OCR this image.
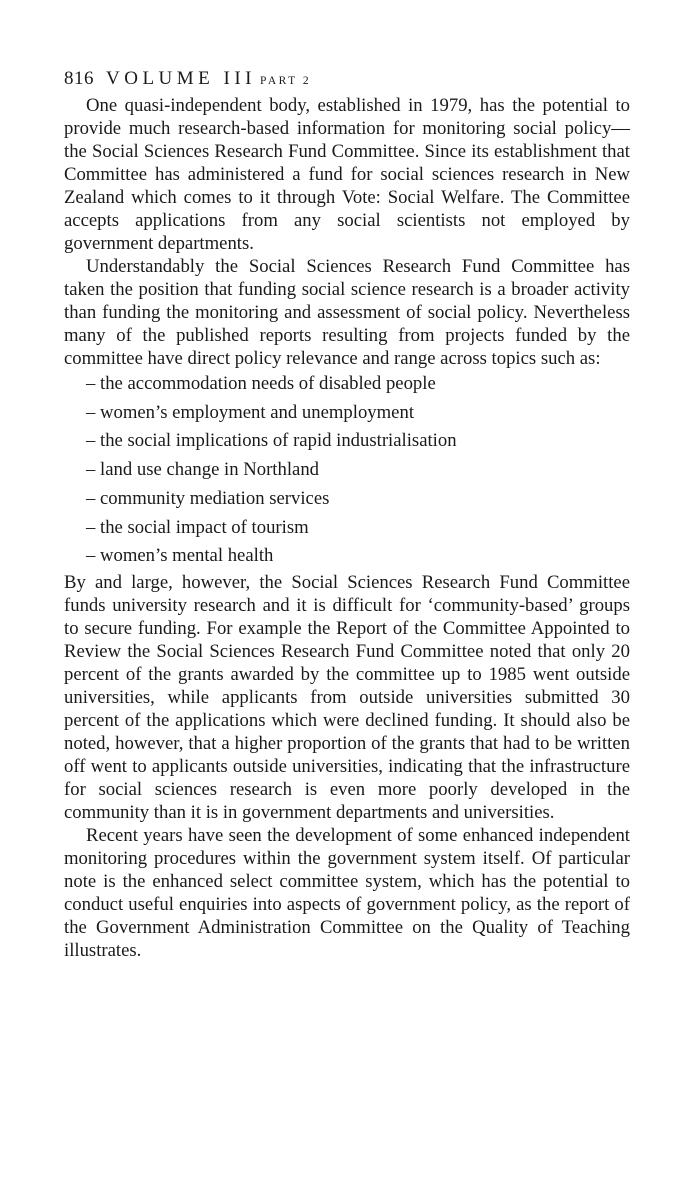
816 VOLUME III PART 2

One quasi-independent body, established in 1979, has the potential to provide much research-based information for monitoring social policy—the Social Sciences Research Fund Committee. Since its establishment that Committee has administered a fund for social sciences research in New Zealand which comes to it through Vote: Social Welfare. The Committee accepts applications from any social scientists not employed by government departments.

Understandably the Social Sciences Research Fund Committee has taken the position that funding social science research is a broader activity than funding the monitoring and assessment of social policy. Nevertheless many of the published reports resulting from projects funded by the committee have direct policy relevance and range across topics such as:

– the accommodation needs of disabled people
– women’s employment and unemployment
– the social implications of rapid industrialisation
– land use change in Northland
– community mediation services
– the social impact of tourism
– women’s mental health

By and large, however, the Social Sciences Research Fund Committee funds university research and it is difficult for ‘community-based’ groups to secure funding. For example the Report of the Committee Appointed to Review the Social Sciences Research Fund Committee noted that only 20 percent of the grants awarded by the committee up to 1985 went outside universities, while applicants from outside universities submitted 30 percent of the applications which were declined funding. It should also be noted, however, that a higher proportion of the grants that had to be written off went to applicants outside universities, indicating that the infrastructure for social sciences research is even more poorly developed in the community than it is in government departments and universities.

Recent years have seen the development of some enhanced independent monitoring procedures within the government system itself. Of particular note is the enhanced select committee system, which has the potential to conduct useful enquiries into aspects of government policy, as the report of the Government Administration Committee on the Quality of Teaching illustrates.
